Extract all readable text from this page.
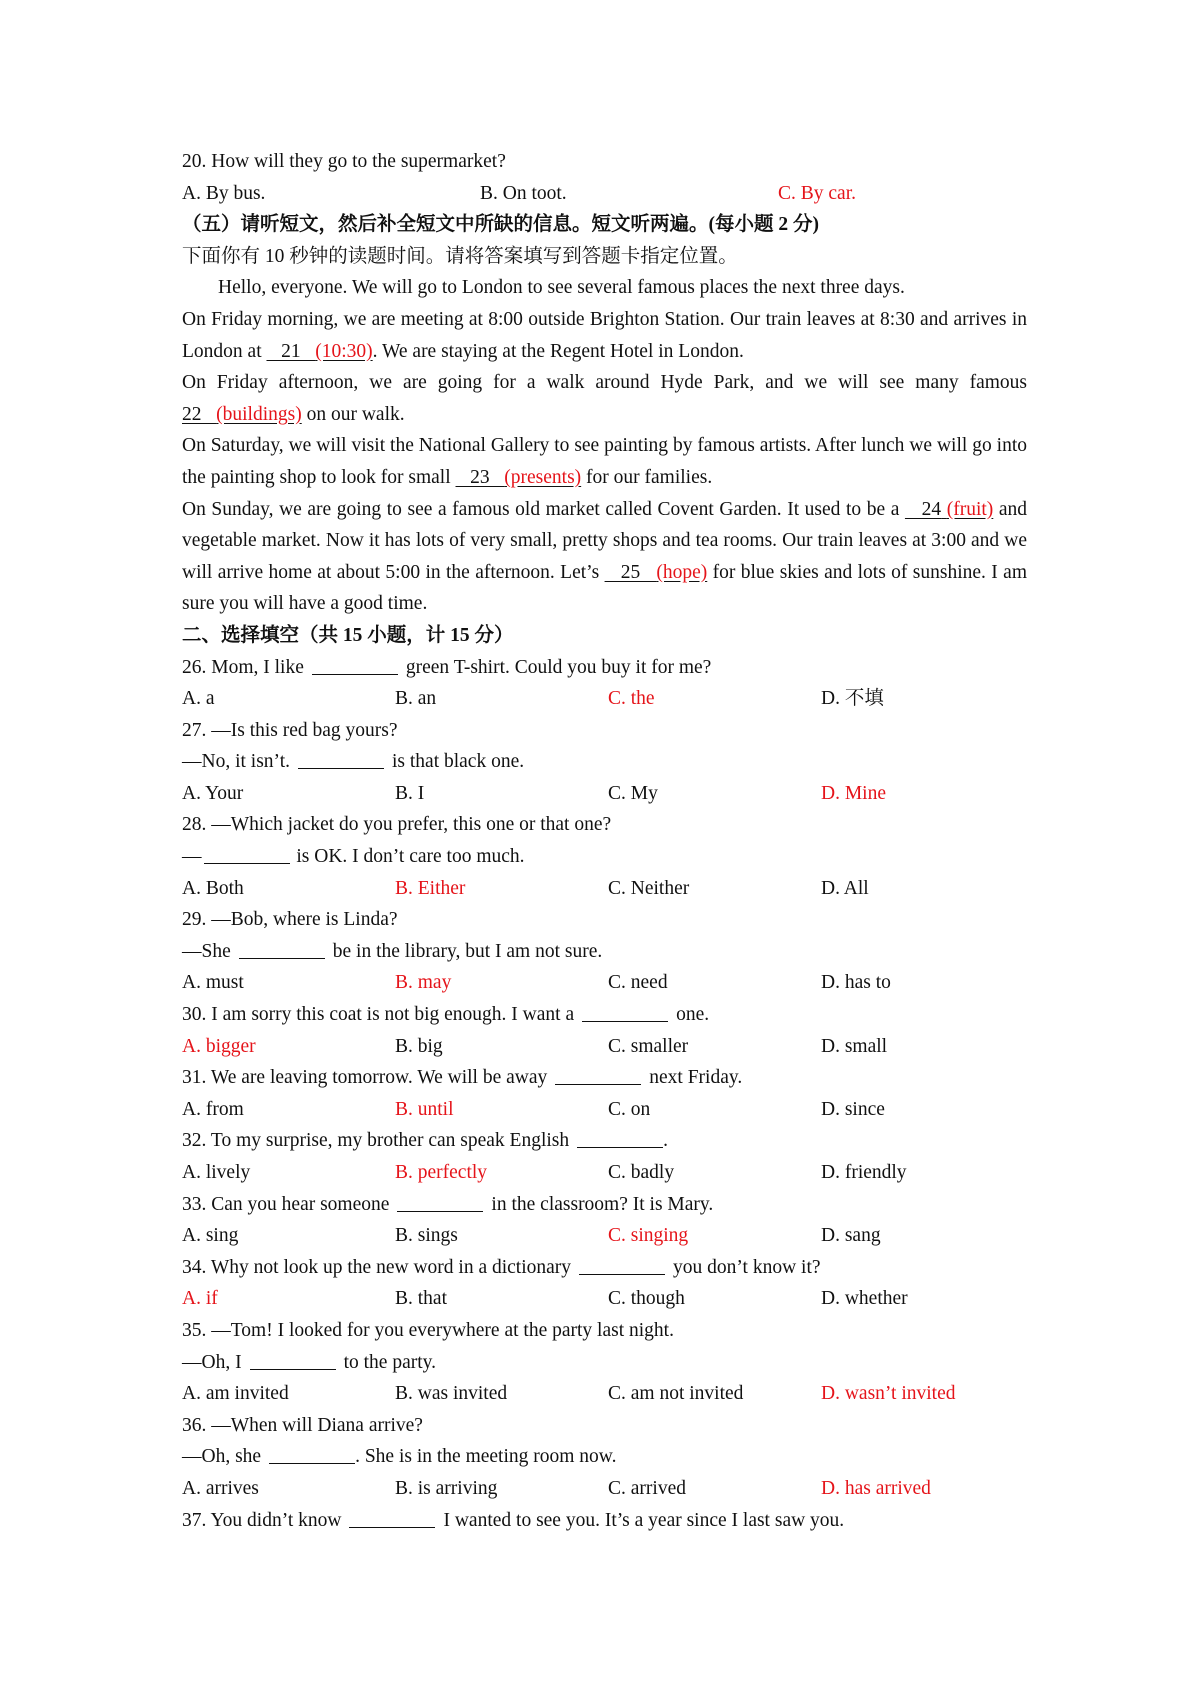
20. How will they go to the supermarket?
A. By bus.	B. On toot.	C. By car.
（五）请听短文，然后补全短文中所缺的信息。短文听两遍。(每小题 2 分)
下面你有 10 秒钟的读题时间。请将答案填写到答题卡指定位置。
Hello, everyone. We will go to London to see several famous places the next three days.
On Friday morning, we are meeting at 8:00 outside Brighton Station. Our train leaves at 8:30 and arrives in London at    21   (10:30). We are staying at the Regent Hotel in London.
On Friday afternoon, we are going for a walk around Hyde Park, and we will see many famous 22   (buildings) on our walk.
On Saturday, we will visit the National Gallery to see painting by famous artists. After lunch we will go into the painting shop to look for small    23   (presents) for our families.
On Sunday, we are going to see a famous old market called Covent Garden. It used to be a    24 (fruit) and vegetable market. Now it has lots of very small, pretty shops and tea rooms. Our train leaves at 3:00 and we will arrive home at about 5:00 in the afternoon. Let’s    25   (hope) for blue skies and lots of sunshine. I am sure you will have a good time.
二、选择填空（共 15 小题，计 15 分）
26. Mom, I like	green T-shirt. Could you buy it for me?
A. a	B. an	C. the	D. 不填
27. —Is this red bag yours?
—No, it isn’t.	is that black one.
A. Your	B. I	C. My	D. Mine
28. —Which jacket do you prefer, this one or that one?
—	is OK. I don’t care too much.
A. Both	B. Either	C. Neither	D. All
29. —Bob, where is Linda?
—She	be in the library, but I am not sure.
A. must	B. may	C. need	D. has to
30. I am sorry this coat is not big enough. I want a	one.
A. bigger	B. big	C. smaller	D. small
31. We are leaving tomorrow. We will be away	next Friday.
A. from	B. until	C. on	D. since
32. To my surprise, my brother can speak English	.
A. lively	B. perfectly	C. badly	D. friendly
33. Can you hear someone	in the classroom? It is Mary.
A. sing	B. sings	C. singing	D. sang
34. Why not look up the new word in a dictionary	you don’t know it?
A. if	B. that	C. though	D. whether
35. —Tom! I looked for you everywhere at the party last night.
—Oh, I	to the party.
A. am invited	B. was invited	C. am not invited	D. wasn’t invited
36. —When will Diana arrive?
—Oh, she	. She is in the meeting room now.
A. arrives	B. is arriving	C. arrived	D. has arrived
37. You didn’t know	I wanted to see you. It’s a year since I last saw you.
